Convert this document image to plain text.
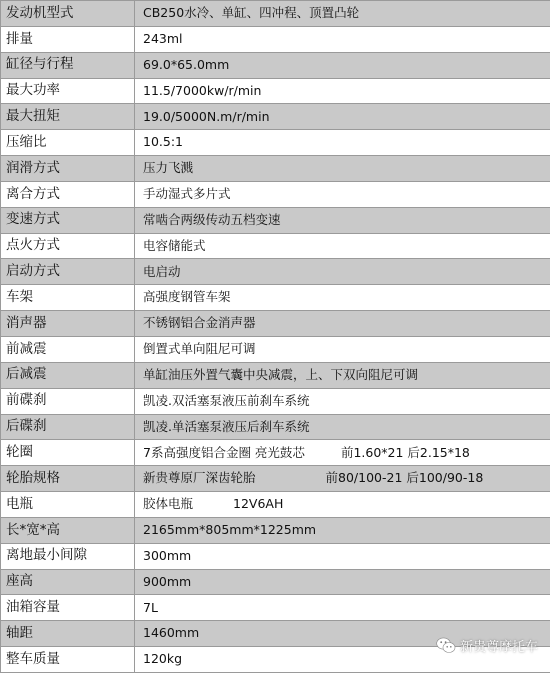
发动机型式	CB250水冷、单缸、四冲程、顶置凸轮
排量	243ml
缸径与行程	69.0*65.0mm
最大功率	11.5/7000kw/r/min
最大扭矩	19.0/5000N.m/r/min
压缩比	10.5:1
润滑方式	压力飞溅
离合方式	手动湿式多片式
变速方式	常啮合两级传动五档变速
点火方式	电容储能式
启动方式	电启动
车架	高强度钢管车架
消声器	不锈钢铝合金消声器
前减震	倒置式单向阻尼可调
后减震	单缸油压外置气囊中央减震，上、下双向阻尼可调
前碟刹	凯凌.双活塞泵液压前刹车系统
后碟刹	凯凌.单活塞泵液压后刹车系统
轮圈	7系高强度铝合金圈 亮光鼓芯 前1.60*21 后2.15*18
轮胎规格	新贵尊原厂深齿轮胎 前80/100-21 后100/90-18
电瓶	胶体电瓶 12V6AH
长*宽*高	2165mm*805mm*1225mm
离地最小间隙	300mm
座高	900mm
油箱容量	7L
轴距	1460mm
整车质量	120kg
新贵尊摩托车
